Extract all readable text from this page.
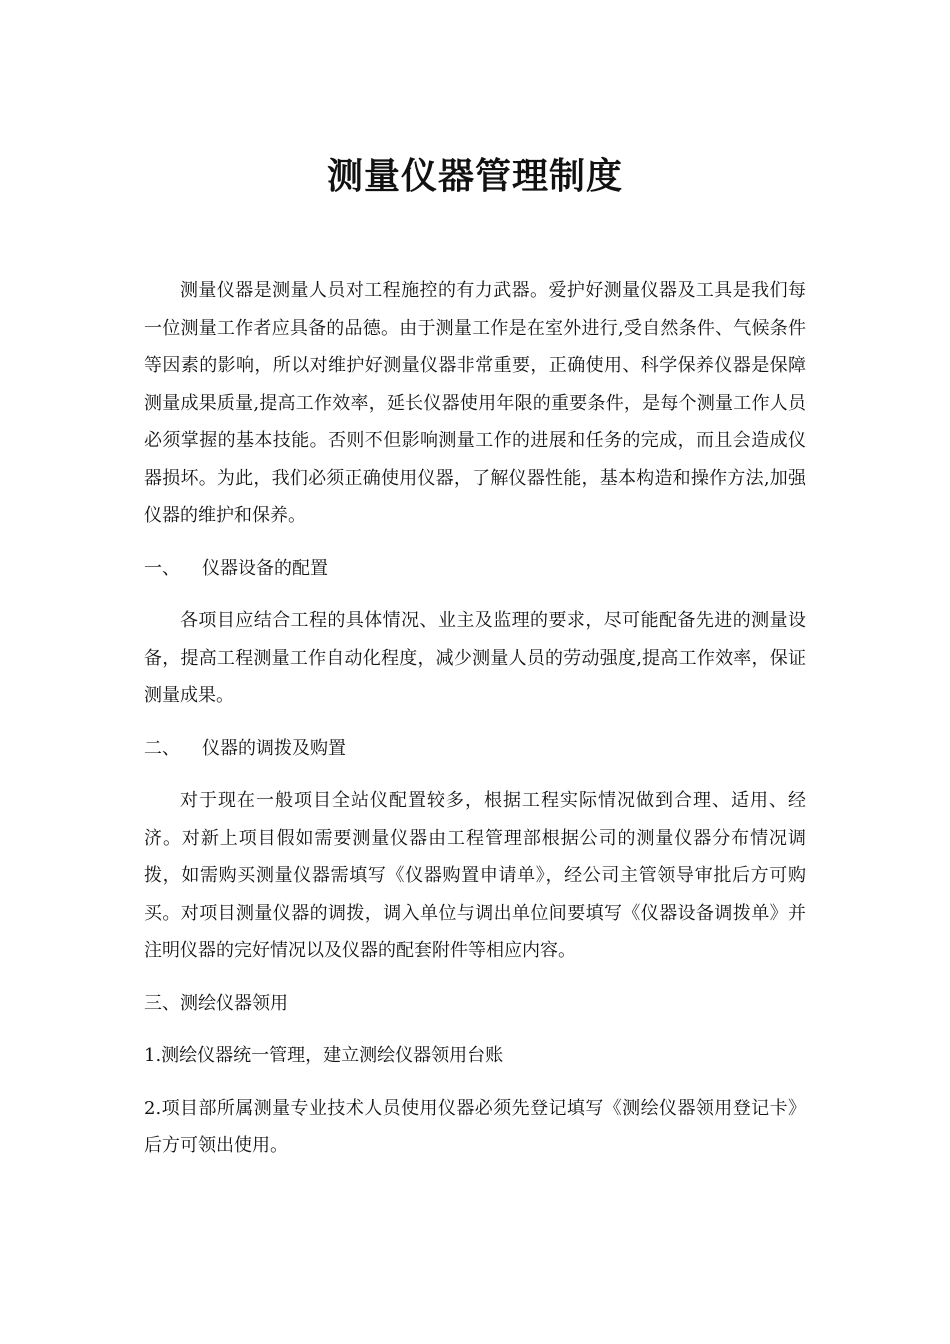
测量仪器管理制度

测量仪器是测量人员对工程施控的有力武器。爱护好测量仪器及工具是我们每一位测量工作者应具备的品德。由于测量工作是在室外进行,受自然条件、气候条件等因素的影响，所以对维护好测量仪器非常重要，正确使用、科学保养仪器是保障测量成果质量,提高工作效率，延长仪器使用年限的重要条件，是每个测量工作人员必须掌握的基本技能。否则不但影响测量工作的进展和任务的完成，而且会造成仪器损坏。为此，我们必须正确使用仪器，了解仪器性能，基本构造和操作方法,加强仪器的维护和保养。

一、 仪器设备的配置

各项目应结合工程的具体情况、业主及监理的要求，尽可能配备先进的测量设备，提高工程测量工作自动化程度，减少测量人员的劳动强度,提高工作效率，保证测量成果。

二、 仪器的调拨及购置

对于现在一般项目全站仪配置较多，根据工程实际情况做到合理、适用、经济。对新上项目假如需要测量仪器由工程管理部根据公司的测量仪器分布情况调拨，如需购买测量仪器需填写《仪器购置申请单》，经公司主管领导审批后方可购买。对项目测量仪器的调拨，调入单位与调出单位间要填写《仪器设备调拨单》并注明仪器的完好情况以及仪器的配套附件等相应内容。

三、测绘仪器领用

1.测绘仪器统一管理，建立测绘仪器领用台账

2.项目部所属测量专业技术人员使用仪器必须先登记填写《测绘仪器领用登记卡》后方可领出使用。
